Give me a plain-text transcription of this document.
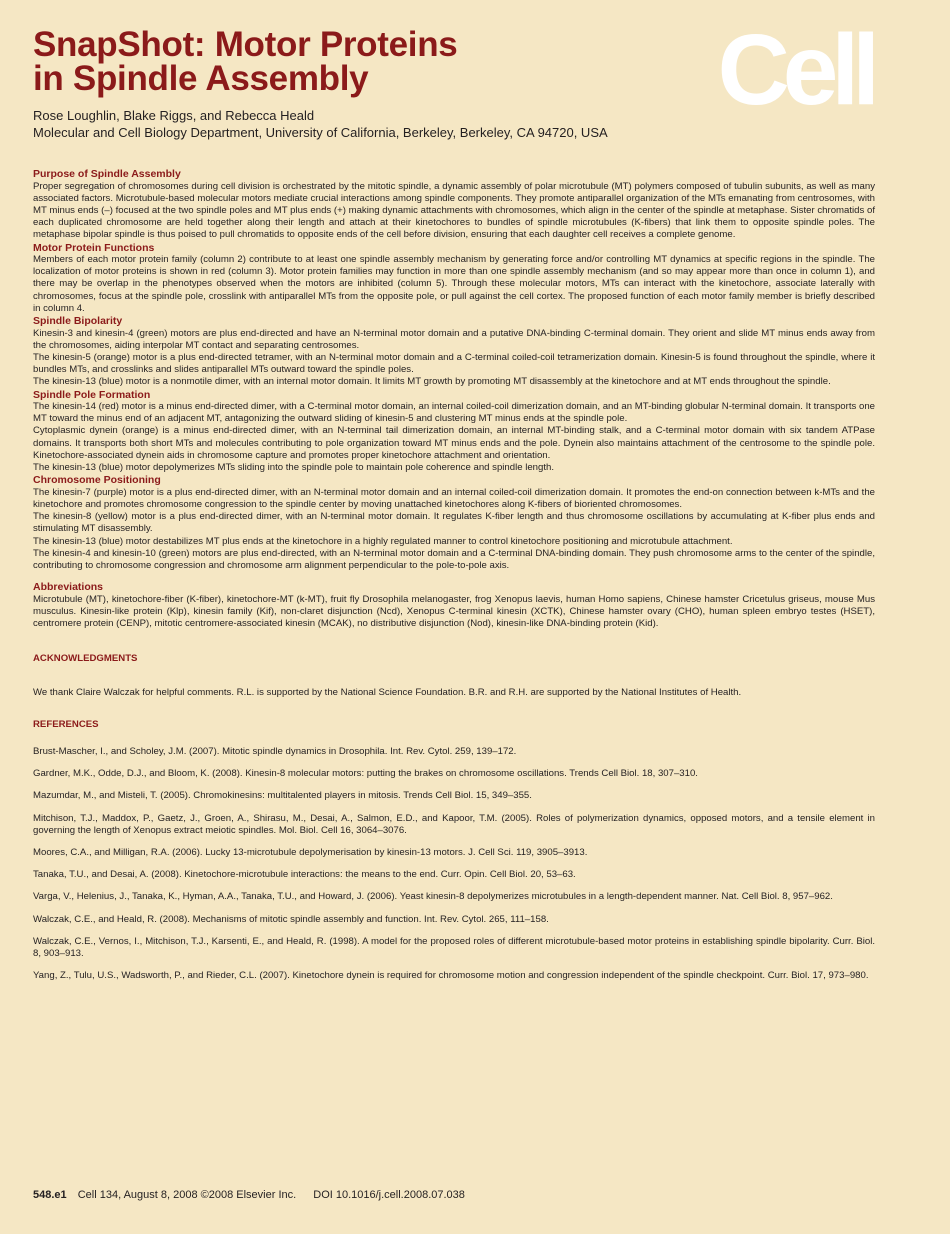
SnapShot: Motor Proteins
in Spindle Assembly	Cell
Rose Loughlin, Blake Riggs, and Rebecca Heald
Molecular and Cell Biology Department, University of California, Berkeley, Berkeley, CA 94720, USA
Purpose of Spindle Assembly

Proper segregation of chromosomes during cell division is orchestrated by the mitotic spindle, a dynamic assembly of polar microtubule (MT) polymers composed of tubulin subunits, as well as many associated factors. Microtubule-based molecular motors mediate crucial interactions among spindle components. They promote antiparallel organization of the MTs emanating from centrosomes, with MT minus ends (–) focused at the two spindle poles and MT plus ends (+) making dynamic attachments with chromosomes, which align in the center of the spindle at metaphase. Sister chromatids of each duplicated chromosome are held together along their length and attach at their kinetochores to bundles of spindle microtubules (K-fibers) that link them to opposite spindle poles. The metaphase bipolar spindle is thus poised to pull chromatids to opposite ends of the cell before division, ensuring that each daughter cell receives a complete genome.

Motor Protein Functions

Members of each motor protein family (column 2) contribute to at least one spindle assembly mechanism by generating force and/or controlling MT dynamics at specific regions in the spindle. The localization of motor proteins is shown in red (column 3). Motor protein families may function in more than one spindle assembly mechanism (and so may appear more than once in column 1), and there may be overlap in the phenotypes observed when the motors are inhibited (column 5). Through these molecular motors, MTs can interact with the kinetochore, associate laterally with chromosomes, focus at the spindle pole, crosslink with antiparallel MTs from the opposite pole, or pull against the cell cortex. The proposed function of each motor family member is briefly described in column 4.

Spindle Bipolarity

Kinesin-3 and kinesin-4 (green) motors are plus end-directed and have an N-terminal motor domain and a putative DNA-binding C-terminal domain. They orient and slide MT minus ends away from the chromosomes, aiding interpolar MT contact and separating centrosomes.

The kinesin-5 (orange) motor is a plus end-directed tetramer, with an N-terminal motor domain and a C-terminal coiled-coil tetramerization domain. Kinesin-5 is found throughout the spindle, where it bundles MTs, and crosslinks and slides antiparallel MTs outward toward the spindle poles.

The kinesin-13 (blue) motor is a nonmotile dimer, with an internal motor domain. It limits MT growth by promoting MT disassembly at the kinetochore and at MT ends throughout the spindle.

Spindle Pole Formation

The kinesin-14 (red) motor is a minus end-directed dimer, with a C-terminal motor domain, an internal coiled-coil dimerization domain, and an MT-binding globular N-terminal domain. It transports one MT toward the minus end of an adjacent MT, antagonizing the outward sliding of kinesin-5 and clustering MT minus ends at the spindle pole.

Cytoplasmic dynein (orange) is a minus end-directed dimer, with an N-terminal tail dimerization domain, an internal MT-binding stalk, and a C-terminal motor domain with six tandem ATPase domains. It transports both short MTs and molecules contributing to pole organization toward MT minus ends and the pole. Dynein also maintains attachment of the centrosome to the spindle pole. Kinetochore-associated dynein aids in chromosome capture and promotes proper kinetochore attachment and orientation.

The kinesin-13 (blue) motor depolymerizes MTs sliding into the spindle pole to maintain pole coherence and spindle length.

Chromosome Positioning

The kinesin-7 (purple) motor is a plus end-directed dimer, with an N-terminal motor domain and an internal coiled-coil dimerization domain. It promotes the end-on connection between k-MTs and the kinetochore and promotes chromosome congression to the spindle center by moving unattached kinetochores along K-fibers of bioriented chromosomes.

The kinesin-8 (yellow) motor is a plus end-directed dimer, with an N-terminal motor domain. It regulates K-fiber length and thus chromosome oscillations by accumulating at K-fiber plus ends and stimulating MT disassembly.

The kinesin-13 (blue) motor destabilizes MT plus ends at the kinetochore in a highly regulated manner to control kinetochore positioning and microtubule attachment.

The kinesin-4 and kinesin-10 (green) motors are plus end-directed, with an N-terminal motor domain and a C-terminal DNA-binding domain. They push chromosome arms to the center of the spindle, contributing to chromosome congression and chromosome arm alignment perpendicular to the pole-to-pole axis.

Abbreviations

Microtubule (MT), kinetochore-fiber (K-fiber), kinetochore-MT (k-MT), fruit fly Drosophila melanogaster, frog Xenopus laevis, human Homo sapiens, Chinese hamster Cricetulus griseus, mouse Mus musculus. Kinesin-like protein (Klp), kinesin family (Kif), non-claret disjunction (Ncd), Xenopus C-terminal kinesin (XCTK), Chinese hamster ovary (CHO), human spleen embryo testes (HSET), centromere protein (CENP), mitotic centromere-associated kinesin (MCAK), no distributive disjunction (Nod), kinesin-like DNA-binding protein (Kid).

ACKNOWLEDGMENTS

We thank Claire Walczak for helpful comments. R.L. is supported by the National Science Foundation. B.R. and R.H. are supported by the National Institutes of Health.

REFERENCES

Brust-Mascher, I., and Scholey, J.M. (2007). Mitotic spindle dynamics in Drosophila. Int. Rev. Cytol. 259, 139–172.

Gardner, M.K., Odde, D.J., and Bloom, K. (2008). Kinesin-8 molecular motors: putting the brakes on chromosome oscillations. Trends Cell Biol. 18, 307–310.

Mazumdar, M., and Misteli, T. (2005). Chromokinesins: multitalented players in mitosis. Trends Cell Biol. 15, 349–355.

Mitchison, T.J., Maddox, P., Gaetz, J., Groen, A., Shirasu, M., Desai, A., Salmon, E.D., and Kapoor, T.M. (2005). Roles of polymerization dynamics, opposed motors, and a tensile element in governing the length of Xenopus extract meiotic spindles. Mol. Biol. Cell 16, 3064–3076.

Moores, C.A., and Milligan, R.A. (2006). Lucky 13-microtubule depolymerisation by kinesin-13 motors. J. Cell Sci. 119, 3905–3913.

Tanaka, T.U., and Desai, A. (2008). Kinetochore-microtubule interactions: the means to the end. Curr. Opin. Cell Biol. 20, 53–63.

Varga, V., Helenius, J., Tanaka, K., Hyman, A.A., Tanaka, T.U., and Howard, J. (2006). Yeast kinesin-8 depolymerizes microtubules in a length-dependent manner. Nat. Cell Biol. 8, 957–962.

Walczak, C.E., and Heald, R. (2008). Mechanisms of mitotic spindle assembly and function. Int. Rev. Cytol. 265, 111–158.

Walczak, C.E., Vernos, I., Mitchison, T.J., Karsenti, E., and Heald, R. (1998). A model for the proposed roles of different microtubule-based motor proteins in establishing spindle bipolarity. Curr. Biol. 8, 903–913.

Yang, Z., Tulu, U.S., Wadsworth, P., and Rieder, C.L. (2007). Kinetochore dynein is required for chromosome motion and congression independent of the spindle checkpoint. Curr. Biol. 17, 973–980.

548.e1 Cell 134, August 8, 2008 ©2008 Elsevier Inc. DOI 10.1016/j.cell.2008.07.038
